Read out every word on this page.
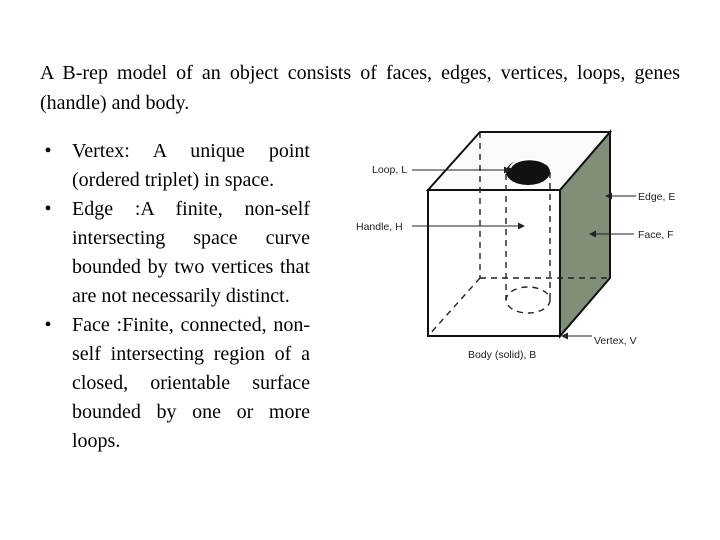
A B-rep model of an object consists of faces, edges, vertices, loops, genes (handle) and body.

•	Vertex: A unique point (ordered triplet) in space.
•	Edge :A finite, non-self intersecting space curve bounded by two vertices that are not necessarily distinct.
•	Face :Finite, connected, non-self intersecting region of a closed, orientable surface bounded by one or more loops.
Loop, L
Handle, H
Edge, E
Face, F
Vertex, V
Body (solid), B
